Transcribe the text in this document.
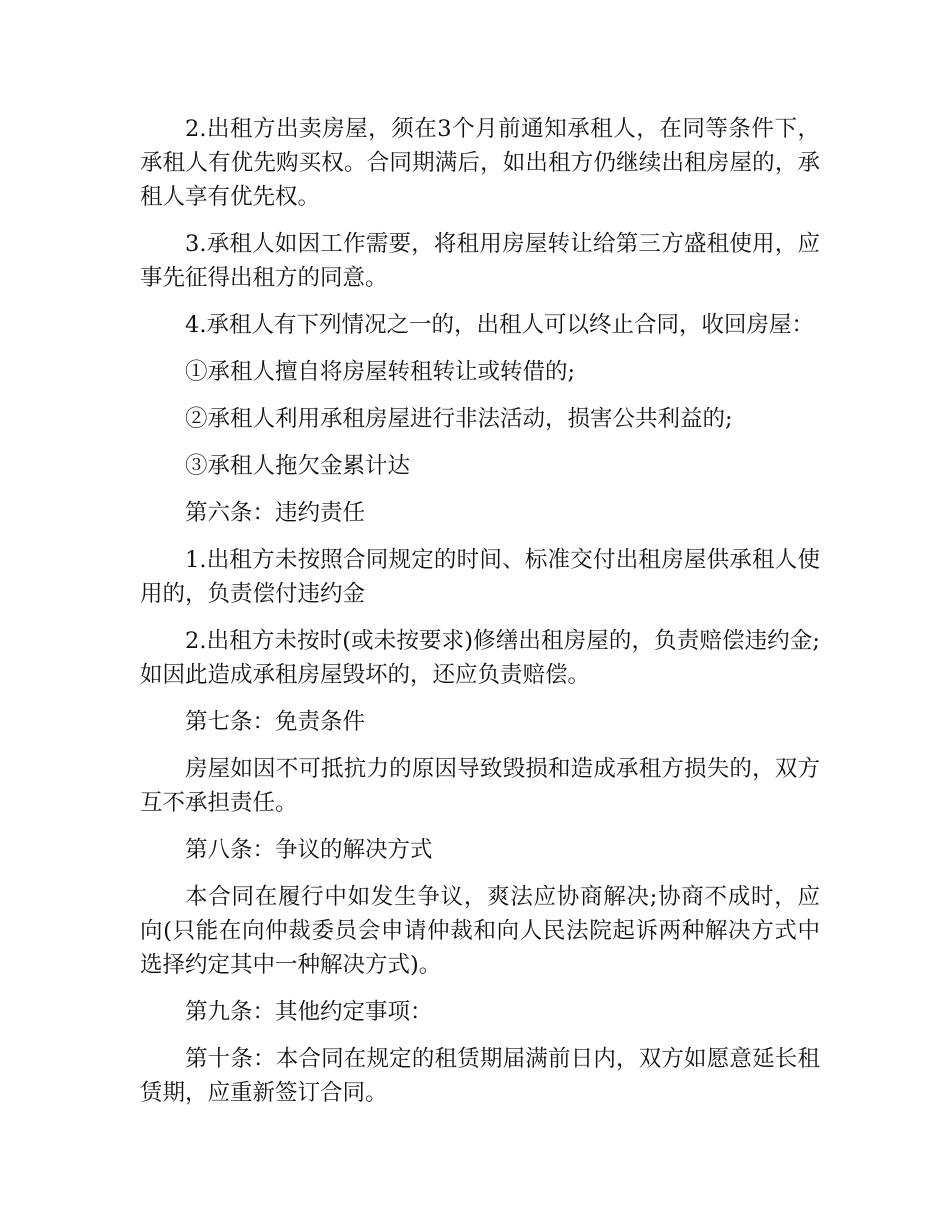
2.出租方出卖房屋，须在3个月前通知承租人，在同等条件下，承租人有优先购买权。合同期满后，如出租方仍继续出租房屋的，承租人享有优先权。

3.承租人如因工作需要，将租用房屋转让给第三方盛租使用，应事先征得出租方的同意。

4.承租人有下列情况之一的，出租人可以终止合同，收回房屋：

①承租人擅自将房屋转租转让或转借的;

②承租人利用承租房屋进行非法活动，损害公共利益的;

③承租人拖欠金累计达

第六条：违约责任

1.出租方未按照合同规定的时间、标准交付出租房屋供承租人使用的，负责偿付违约金

2.出租方未按时(或未按要求)修缮出租房屋的，负责赔偿违约金;如因此造成承租房屋毁坏的，还应负责赔偿。

第七条：免责条件

房屋如因不可抵抗力的原因导致毁损和造成承租方损失的，双方互不承担责任。

第八条：争议的解决方式

本合同在履行中如发生争议，爽法应协商解决;协商不成时，应向(只能在向仲裁委员会申请仲裁和向人民法院起诉两种解决方式中选择约定其中一种解决方式)。

第九条：其他约定事项：

第十条：本合同在规定的租赁期届满前日内，双方如愿意延长租赁期，应重新签订合同。
